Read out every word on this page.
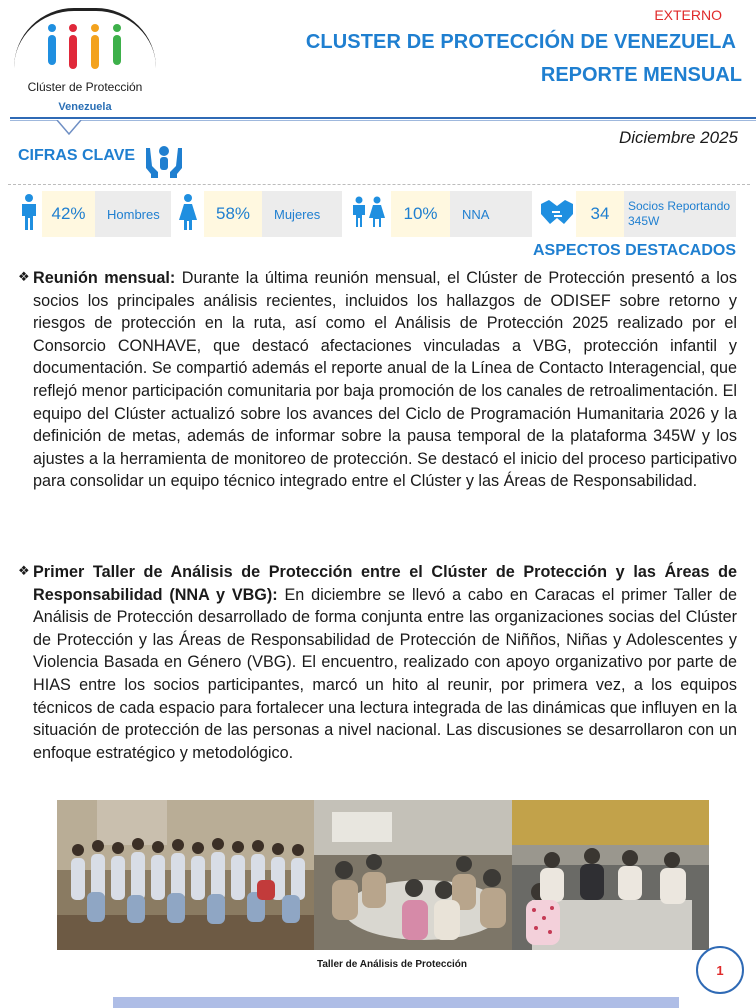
Clúster de Protección
Venezuela
EXTERNO
CLUSTER DE PROTECCIÓN DE VENEZUELA
REPORTE MENSUAL
Diciembre 2025
CIFRAS CLAVE
42%	Hombres	58%	Mujeres	10%	NNA	34	Socios Reportando
345W
ASPECTOS DESTACADOS
❖ Reunión mensual: Durante la última reunión mensual, el Clúster de Protección presentó a los socios los principales análisis recientes, incluidos los hallazgos de ODISEF sobre retorno y riesgos de protección en la ruta, así como el Análisis de Protección 2025 realizado por el Consorcio CONHAVE, que destacó afectaciones vinculadas a VBG, protección infantil y documentación. Se compartió además el reporte anual de la Línea de Contacto Interagencial, que reflejó menor participación comunitaria por baja promoción de los canales de retroalimentación. El equipo del Clúster actualizó sobre los avances del Ciclo de Programación Humanitaria 2026 y la definición de metas, además de informar sobre la pausa temporal de la plataforma 345W y los ajustes a la herramienta de monitoreo de protección. Se destacó el inicio del proceso participativo para consolidar un equipo técnico integrado entre el Clúster y las Áreas de Responsabilidad.
❖ Primer Taller de Análisis de Protección entre el Clúster de Protección y las Áreas de Responsabilidad (NNA y VBG): En diciembre se llevó a cabo en Caracas el primer Taller de Análisis de Protección desarrollado de forma conjunta entre las organizaciones socias del Clúster de Protección y las Áreas de Responsabilidad de Protección de Niñños, Niñas y Adolescentes y Violencia Basada en Género (VBG). El encuentro, realizado con apoyo organizativo por parte de HIAS entre los socios participantes, marcó un hito al reunir, por primera vez, a los equipos técnicos de cada espacio para fortalecer una lectura integrada de las dinámicas que influyen en la situación de protección de las personas a nivel nacional. Las discusiones se desarrollaron con un enfoque estratégico y metodológico.
Taller de Análisis de Protección	1
